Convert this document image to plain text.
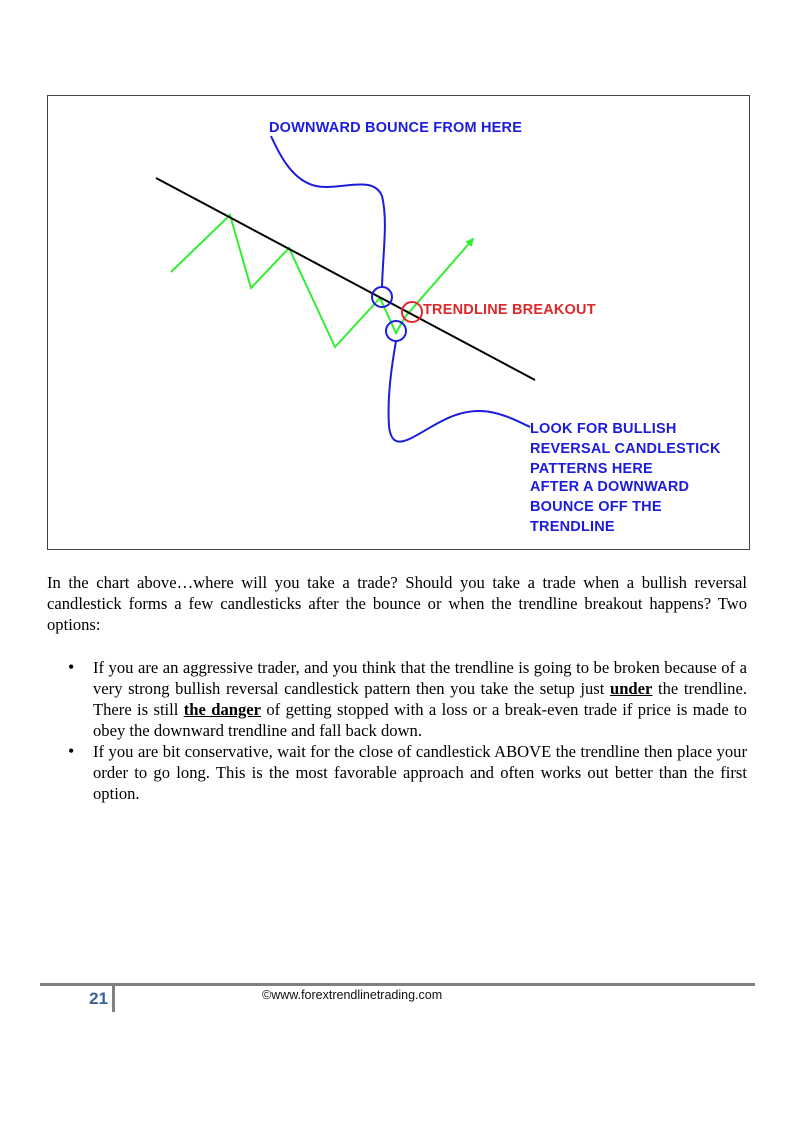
DOWNWARD BOUNCE FROM HERE
TRENDLINE BREAKOUT
LOOK FOR BULLISH
REVERSAL CANDLESTICK
PATTERNS HERE
AFTER A DOWNWARD
BOUNCE OFF THE
TRENDLINE

In the chart above…where will you take a trade? Should you take a trade when a bullish reversal candlestick forms a few candlesticks after the bounce or when the trendline breakout happens? Two options:

• If you are an aggressive trader, and you think that the trendline is going to be broken because of a very strong bullish reversal candlestick pattern then you take the setup just under the trendline. There is still the danger of getting stopped with a loss or a break-even trade if price is made to obey the downward trendline and fall back down.
• If you are bit conservative, wait for the close of candlestick ABOVE the trendline then place your order to go long. This is the most favorable approach and often works out better than the first option.
21	©www.forextrendlinetrading.com
